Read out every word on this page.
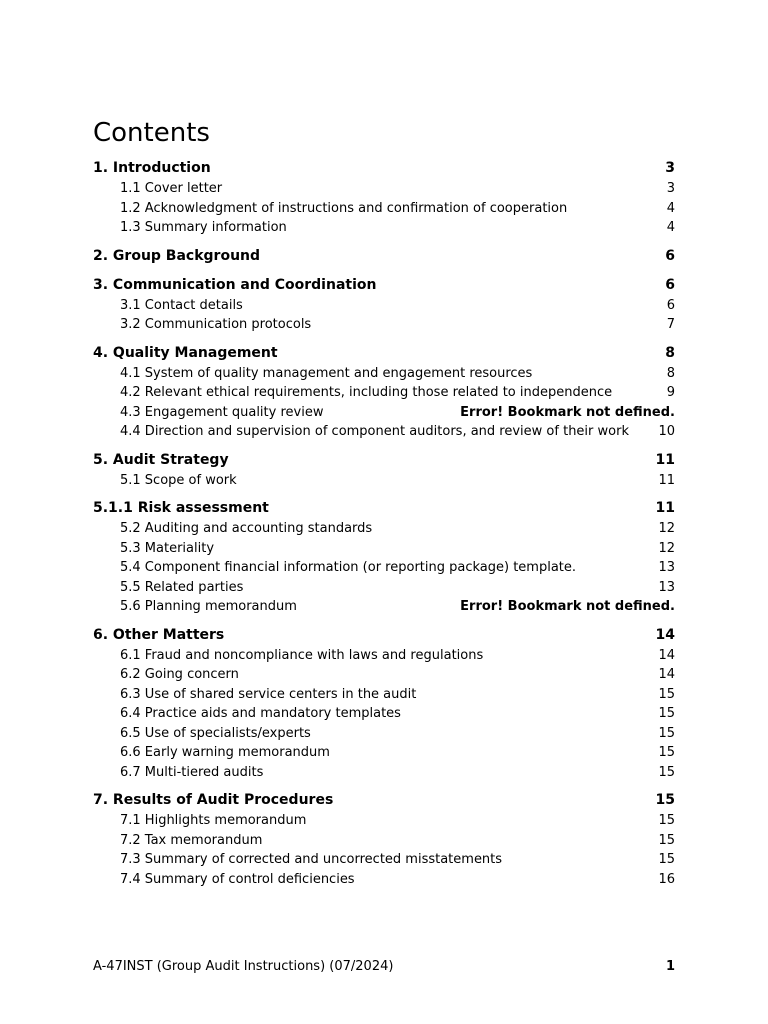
Contents
1. Introduction	3
1.1 Cover letter	3
1.2 Acknowledgment of instructions and confirmation of cooperation	4
1.3 Summary information	4
2. Group Background	6
3. Communication and Coordination	6
3.1 Contact details	6
3.2 Communication protocols	7
4. Quality Management	8
4.1 System of quality management and engagement resources	8
4.2 Relevant ethical requirements, including those related to independence	9
4.3 Engagement quality review	Error! Bookmark not defined.
4.4 Direction and supervision of component auditors, and review of their work 10
5. Audit Strategy	11
5.1 Scope of work	11
5.1.1 Risk assessment	11
5.2 Auditing and accounting standards	12
5.3 Materiality	12
5.4 Component financial information (or reporting package) template.	13
5.5 Related parties	13
5.6 Planning memorandum	Error! Bookmark not defined.
6. Other Matters	14
6.1 Fraud and noncompliance with laws and regulations	14
6.2 Going concern	14
6.3 Use of shared service centers in the audit	15
6.4 Practice aids and mandatory templates	15
6.5 Use of specialists/experts	15
6.6 Early warning memorandum	15
6.7 Multi-tiered audits	15
7. Results of Audit Procedures	15
7.1 Highlights memorandum	15
7.2 Tax memorandum	15
7.3 Summary of corrected and uncorrected misstatements	15
7.4 Summary of control deficiencies	16
A-47INST (Group Audit Instructions) (07/2024)	1
